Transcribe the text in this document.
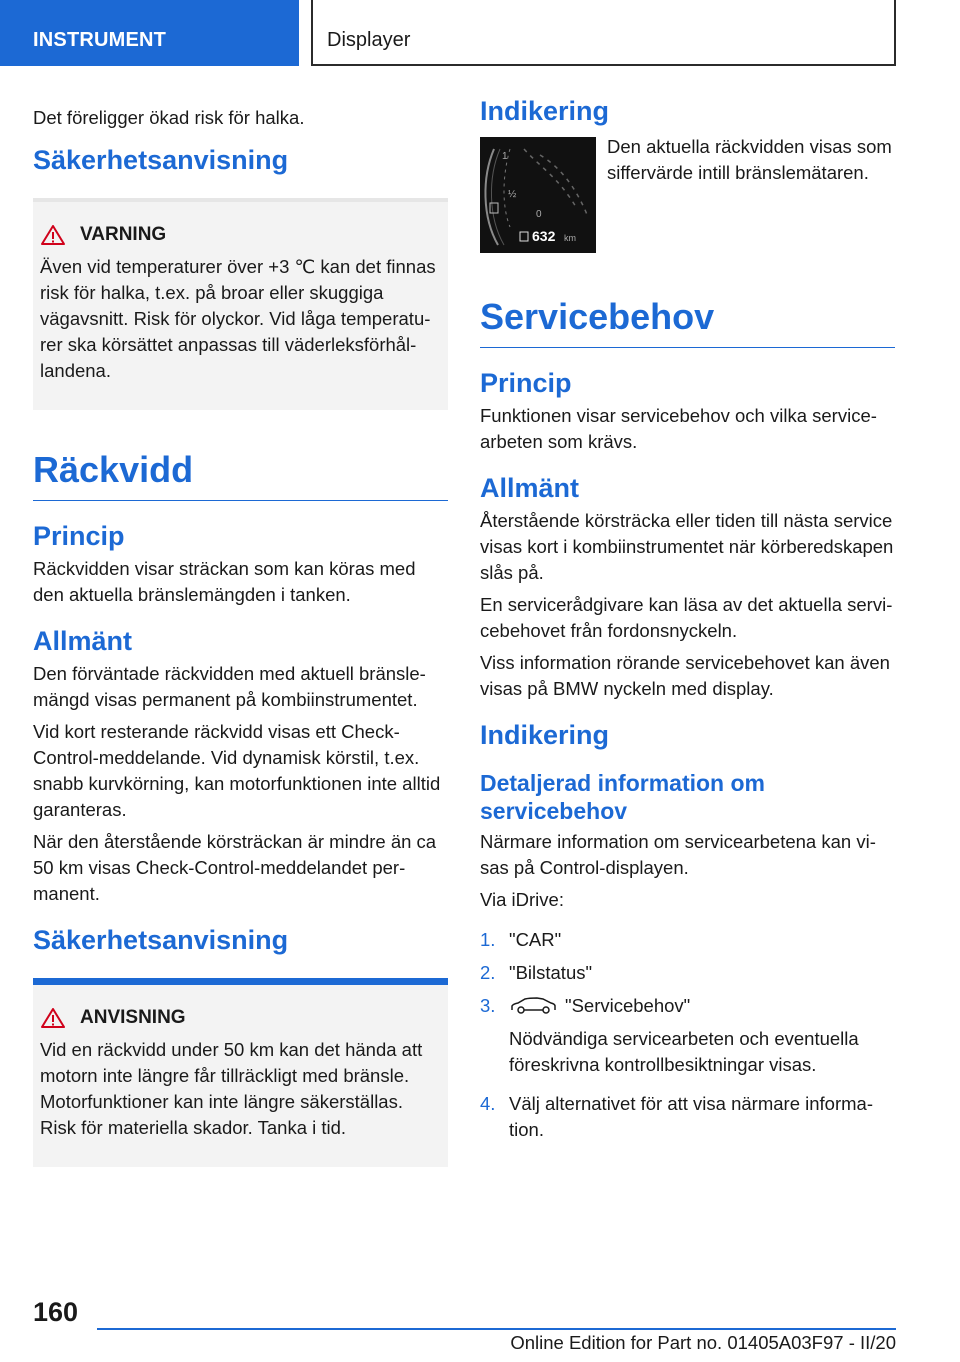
INSTRUMENT	Displayer

Det föreligger ökad risk för halka.

Säkerhetsanvisning
VARNING

Även vid temperaturer över +3 ℃ kan det finnas risk för halka, t.ex. på broar eller skuggiga vägavsnitt. Risk för olyckor. Vid låga temperaturer ska körsättet anpassas till väderleksförhållandena.

Räckvidd
Princip

Räckvidden visar sträckan som kan köras med den aktuella bränslemängden i tanken.

Allmänt

Den förväntade räckvidden med aktuell bränslemängd visas permanent på kombiinstrumentet.

Vid kort resterande räckvidd visas ett Check-Control-meddelande. Vid dynamisk körstil, t.ex. snabb kurvkörning, kan motorfunktionen inte alltid garanteras.

När den återstående körsträckan är mindre än ca 50 km visas Check-Control-meddelandet permanent.

Säkerhetsanvisning
ANVISNING

Vid en räckvidd under 50 km kan det hända att motorn inte längre får tillräckligt med bränsle. Motorfunktioner kan inte längre säkerställas. Risk för materiella skador. Tanka i tid.

Indikering
1
½
0
632 km

Den aktuella räckvidden visas som siffervärde intill bränslemätaren.

Servicebehov
Princip

Funktionen visar servicebehov och vilka servicearbeten som krävs.

Allmänt

Återstående körsträcka eller tiden till nästa service visas kort i kombiinstrumentet när körberedskapen slås på.

En servicerådgivare kan läsa av det aktuella servicebehovet från fordonsnyckeln.

Viss information rörande servicebehovet kan även visas på BMW nyckeln med display.

Indikering
Detaljerad information om servicebehov

Närmare information om servicearbetena kan visas på Control-displayen.

Via iDrive:

1. "CAR"
2. "Bilstatus"
3.	"Servicebehov"

Nödvändiga servicearbeten och eventuella föreskrivna kontrollbesiktningar visas.

4. Välj alternativet för att visa närmare information.
160
Online Edition for Part no. 01405A03F97 - II/20
